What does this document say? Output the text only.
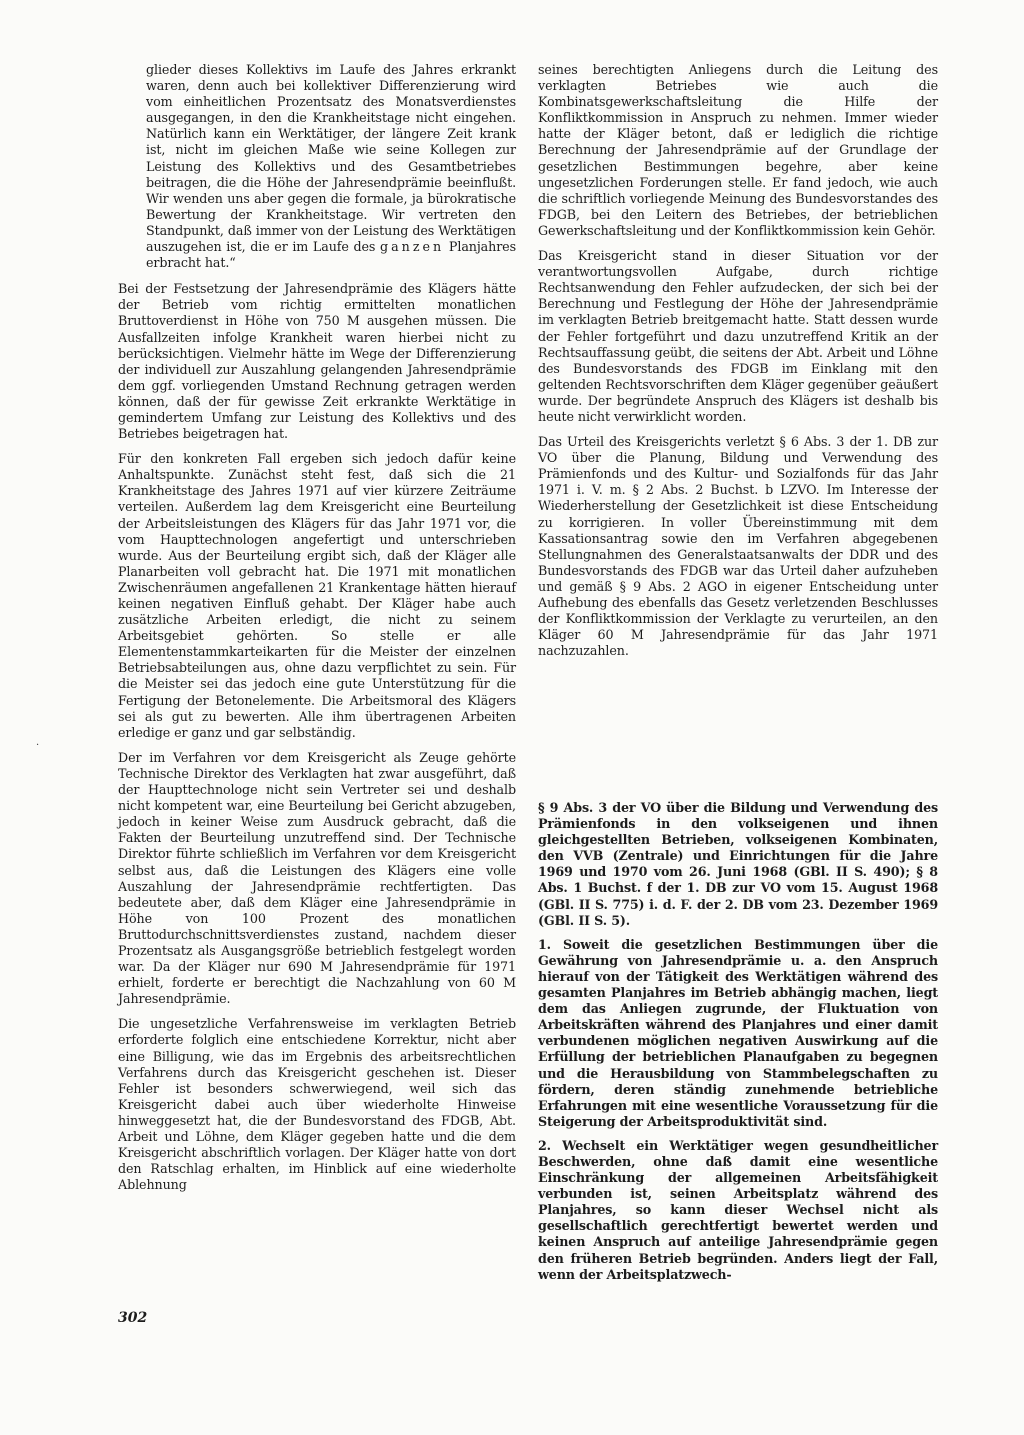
glieder dieses Kollektivs im Laufe des Jahres erkrankt waren, denn auch bei kollektiver Differenzierung wird vom einheitlichen Prozentsatz des Monatsverdienstes ausgegangen, in den die Krankheitstage nicht eingehen. Natürlich kann ein Werktätiger, der längere Zeit krank ist, nicht im gleichen Maße wie seine Kollegen zur Leistung des Kollektivs und des Gesamtbetriebes beitragen, die die Höhe der Jahresendprämie beeinflußt. Wir wenden uns aber gegen die formale, ja bürokratische Bewertung der Krankheitstage. Wir vertreten den Standpunkt, daß immer von der Leistung des Werktätigen auszugehen ist, die er im Laufe des ganzen Planjahres erbracht hat.“

Bei der Festsetzung der Jahresendprämie des Klägers hätte der Betrieb vom richtig ermittelten monatlichen Bruttoverdienst in Höhe von 750 M ausgehen müssen. Die Ausfallzeiten infolge Krankheit waren hierbei nicht zu berücksichtigen. Vielmehr hätte im Wege der Differenzierung der individuell zur Auszahlung gelangenden Jahresendprämie dem ggf. vorliegenden Umstand Rechnung getragen werden können, daß der für gewisse Zeit erkrankte Werktätige in gemindertem Umfang zur Leistung des Kollektivs und des Betriebes beigetragen hat.

Für den konkreten Fall ergeben sich jedoch dafür keine Anhaltspunkte. Zunächst steht fest, daß sich die 21 Krankheitstage des Jahres 1971 auf vier kürzere Zeiträume verteilen. Außerdem lag dem Kreisgericht eine Beurteilung der Arbeitsleistungen des Klägers für das Jahr 1971 vor, die vom Haupttechnologen angefertigt und unterschrieben wurde. Aus der Beurteilung ergibt sich, daß der Kläger alle Planarbeiten voll gebracht hat. Die 1971 mit monatlichen Zwischenräumen angefallenen 21 Krankentage hätten hierauf keinen negativen Einfluß gehabt. Der Kläger habe auch zusätzliche Arbeiten erledigt, die nicht zu seinem Arbeitsgebiet gehörten. So stelle er alle Elementenstammkarteikarten für die Meister der einzelnen Betriebsabteilungen aus, ohne dazu verpflichtet zu sein. Für die Meister sei das jedoch eine gute Unterstützung für die Fertigung der Betonelemente. Die Arbeitsmoral des Klägers sei als gut zu bewerten. Alle ihm übertragenen Arbeiten erledige er ganz und gar selbständig.

Der im Verfahren vor dem Kreisgericht als Zeuge gehörte Technische Direktor des Verklagten hat zwar ausgeführt, daß der Haupttechnologe nicht sein Vertreter sei und deshalb nicht kompetent war, eine Beurteilung bei Gericht abzugeben, jedoch in keiner Weise zum Ausdruck gebracht, daß die Fakten der Beurteilung unzutreffend sind. Der Technische Direktor führte schließlich im Verfahren vor dem Kreisgericht selbst aus, daß die Leistungen des Klägers eine volle Auszahlung der Jahresendprämie rechtfertigten. Das bedeutete aber, daß dem Kläger eine Jahresendprämie in Höhe von 100 Prozent des monatlichen Bruttodurchschnittsverdienstes zustand, nachdem dieser Prozentsatz als Ausgangsgröße betrieblich festgelegt worden war. Da der Kläger nur 690 M Jahresendprämie für 1971 erhielt, forderte er berechtigt die Nachzahlung von 60 M Jahresendprämie.

Die ungesetzliche Verfahrensweise im verklagten Betrieb erforderte folglich eine entschiedene Korrektur, nicht aber eine Billigung, wie das im Ergebnis des arbeitsrechtlichen Verfahrens durch das Kreisgericht geschehen ist. Dieser Fehler ist besonders schwerwiegend, weil sich das Kreisgericht dabei auch über wiederholte Hinweise hinweggesetzt hat, die der Bundesvorstand des FDGB, Abt. Arbeit und Löhne, dem Kläger gegeben hatte und die dem Kreisgericht abschriftlich vorlagen. Der Kläger hatte von dort den Ratschlag erhalten, im Hinblick auf eine wiederholte Ablehnung

seines berechtigten Anliegens durch die Leitung des verklagten Betriebes wie auch die Kombinatsgewerkschaftsleitung die Hilfe der Konfliktkommission in Anspruch zu nehmen. Immer wieder hatte der Kläger betont, daß er lediglich die richtige Berechnung der Jahresendprämie auf der Grundlage der gesetzlichen Bestimmungen begehre, aber keine ungesetzlichen Forderungen stelle. Er fand jedoch, wie auch die schriftlich vorliegende Meinung des Bundesvorstandes des FDGB, bei den Leitern des Betriebes, der betrieblichen Gewerkschaftsleitung und der Konfliktkommission kein Gehör.

Das Kreisgericht stand in dieser Situation vor der verantwortungsvollen Aufgabe, durch richtige Rechtsanwendung den Fehler aufzudecken, der sich bei der Berechnung und Festlegung der Höhe der Jahresendprämie im verklagten Betrieb breitgemacht hatte. Statt dessen wurde der Fehler fortgeführt und dazu unzutreffend Kritik an der Rechtsauffassung geübt, die seitens der Abt. Arbeit und Löhne des Bundesvorstands des FDGB im Einklang mit den geltenden Rechtsvorschriften dem Kläger gegenüber geäußert wurde. Der begründete Anspruch des Klägers ist deshalb bis heute nicht verwirklicht worden.

Das Urteil des Kreisgerichts verletzt § 6 Abs. 3 der 1. DB zur VO über die Planung, Bildung und Verwendung des Prämienfonds und des Kultur- und Sozialfonds für das Jahr 1971 i. V. m. § 2 Abs. 2 Buchst. b LZVO. Im Interesse der Wiederherstellung der Gesetzlichkeit ist diese Entscheidung zu korrigieren. In voller Übereinstimmung mit dem Kassationsantrag sowie den im Verfahren abgegebenen Stellungnahmen des Generalstaatsanwalts der DDR und des Bundesvorstands des FDGB war das Urteil daher aufzuheben und gemäß § 9 Abs. 2 AGO in eigener Entscheidung unter Aufhebung des ebenfalls das Gesetz verletzenden Beschlusses der Konfliktkommission der Verklagte zu verurteilen, an den Kläger 60 M Jahresendprämie für das Jahr 1971 nachzuzahlen.

§ 9 Abs. 3 der VO über die Bildung und Verwendung des Prämienfonds in den volkseigenen und ihnen gleichgestellten Betrieben, volkseigenen Kombinaten, den VVB (Zentrale) und Einrichtungen für die Jahre 1969 und 1970 vom 26. Juni 1968 (GBl. II S. 490); § 8 Abs. 1 Buchst. f der 1. DB zur VO vom 15. August 1968 (GBl. II S. 775) i. d. F. der 2. DB vom 23. Dezember 1969 (GBl. II S. 5).

1. Soweit die gesetzlichen Bestimmungen über die Gewährung von Jahresendprämie u. a. den Anspruch hierauf von der Tätigkeit des Werktätigen während des gesamten Planjahres im Betrieb abhängig machen, liegt dem das Anliegen zugrunde, der Fluktuation von Arbeitskräften während des Planjahres und einer damit verbundenen möglichen negativen Auswirkung auf die Erfüllung der betrieblichen Planaufgaben zu begegnen und die Herausbildung von Stammbelegschaften zu fördern, deren ständig zunehmende betriebliche Erfahrungen mit eine wesentliche Voraussetzung für die Steigerung der Arbeitsproduktivität sind.

2. Wechselt ein Werktätiger wegen gesundheitlicher Beschwerden, ohne daß damit eine wesentliche Einschränkung der allgemeinen Arbeitsfähigkeit verbunden ist, seinen Arbeitsplatz während des Planjahres, so kann dieser Wechsel nicht als gesellschaftlich gerechtfertigt bewertet werden und keinen Anspruch auf anteilige Jahresendprämie gegen den früheren Betrieb begründen. Anders liegt der Fall, wenn der Arbeitsplatzwech-

·
302
